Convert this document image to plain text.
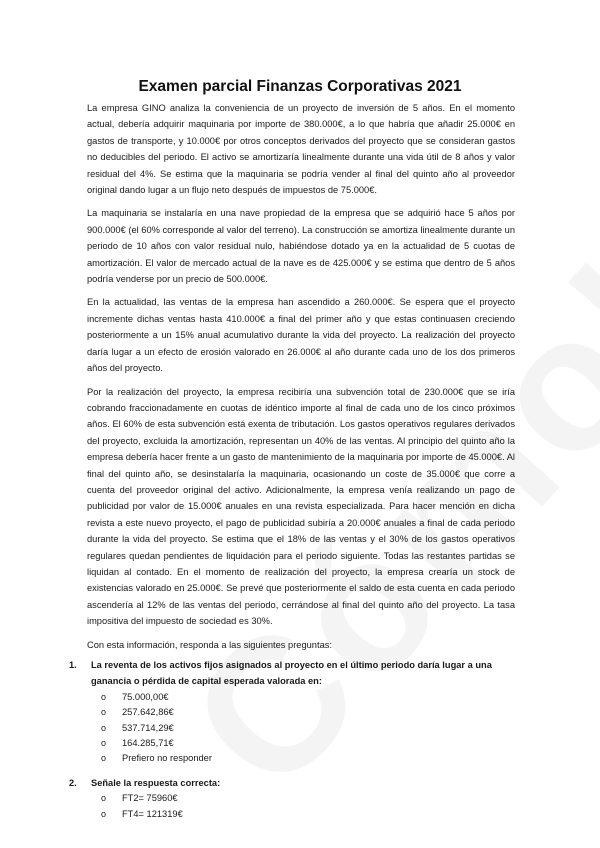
Examen parcial Finanzas Corporativas 2021

La empresa GINO analiza la conveniencia de un proyecto de inversión de 5 años. En el momento actual, debería adquirir maquinaria por importe de 380.000€, a lo que habría que añadir 25.000€ en gastos de transporte, y 10.000€ por otros conceptos derivados del proyecto que se consideran gastos no deducibles del periodo. El activo se amortizaría linealmente durante una vida útil de 8 años y valor residual del 4%. Se estima que la maquinaria se podría vender al final del quinto año al proveedor original dando lugar a un flujo neto después de impuestos de 75.000€.

La maquinaria se instalaría en una nave propiedad de la empresa que se adquirió hace 5 años por 900.000€ (el 60% corresponde al valor del terreno). La construcción se amortiza linealmente durante un periodo de 10 años con valor residual nulo, habiéndose dotado ya en la actualidad de 5 cuotas de amortización. El valor de mercado actual de la nave es de 425.000€ y se estima que dentro de 5 años podría venderse por un precio de 500.000€.

En la actualidad, las ventas de la empresa han ascendido a 260.000€. Se espera que el proyecto incremente dichas ventas hasta 410.000€ a final del primer año y que estas continuasen creciendo posteriormente a un 15% anual acumulativo durante la vida del proyecto. La realización del proyecto daría lugar a un efecto de erosión valorado en 26.000€ al año durante cada uno de los dos primeros años del proyecto.

Por la realización del proyecto, la empresa recibiría una subvención total de 230.000€ que se iría cobrando fraccionadamente en cuotas de idéntico importe al final de cada uno de los cinco próximos años. El 60% de esta subvención está exenta de tributación. Los gastos operativos regulares derivados del proyecto, excluida la amortización, representan un 40% de las ventas. Al principio del quinto año la empresa debería hacer frente a un gasto de mantenimiento de la maquinaria por importe de 45.000€. Al final del quinto año, se desinstalaría la maquinaria, ocasionando un coste de 35.000€ que corre a cuenta del proveedor original del activo. Adicionalmente, la empresa venía realizando un pago de publicidad por valor de 15.000€ anuales en una revista especializada. Para hacer mención en dicha revista a este nuevo proyecto, el pago de publicidad subiría a 20.000€ anuales a final de cada periodo durante la vida del proyecto. Se estima que el 18% de las ventas y el 30% de los gastos operativos regulares quedan pendientes de liquidación para el periodo siguiente. Todas las restantes partidas se liquidan al contado. En el momento de realización del proyecto, la empresa crearía un stock de existencias valorado en 25.000€. Se prevé que posteriormente el saldo de esta cuenta en cada periodo ascendería al 12% de las ventas del periodo, cerrándose al final del quinto año del proyecto. La tasa impositiva del impuesto de sociedad es 30%.

Con esta información, responda a las siguientes preguntas:
1.	La reventa de los activos fijos asignados al proyecto en el último periodo daría lugar a una ganancia o pérdida de capital esperada valorada en:
o 75.000,00€
o 257.642,86€
o 537.714,29€
o 164.285,71€
o Prefiero no responder
2.	Señale la respuesta correcta:
o FT2= 75960€
o FT4= 121319€
